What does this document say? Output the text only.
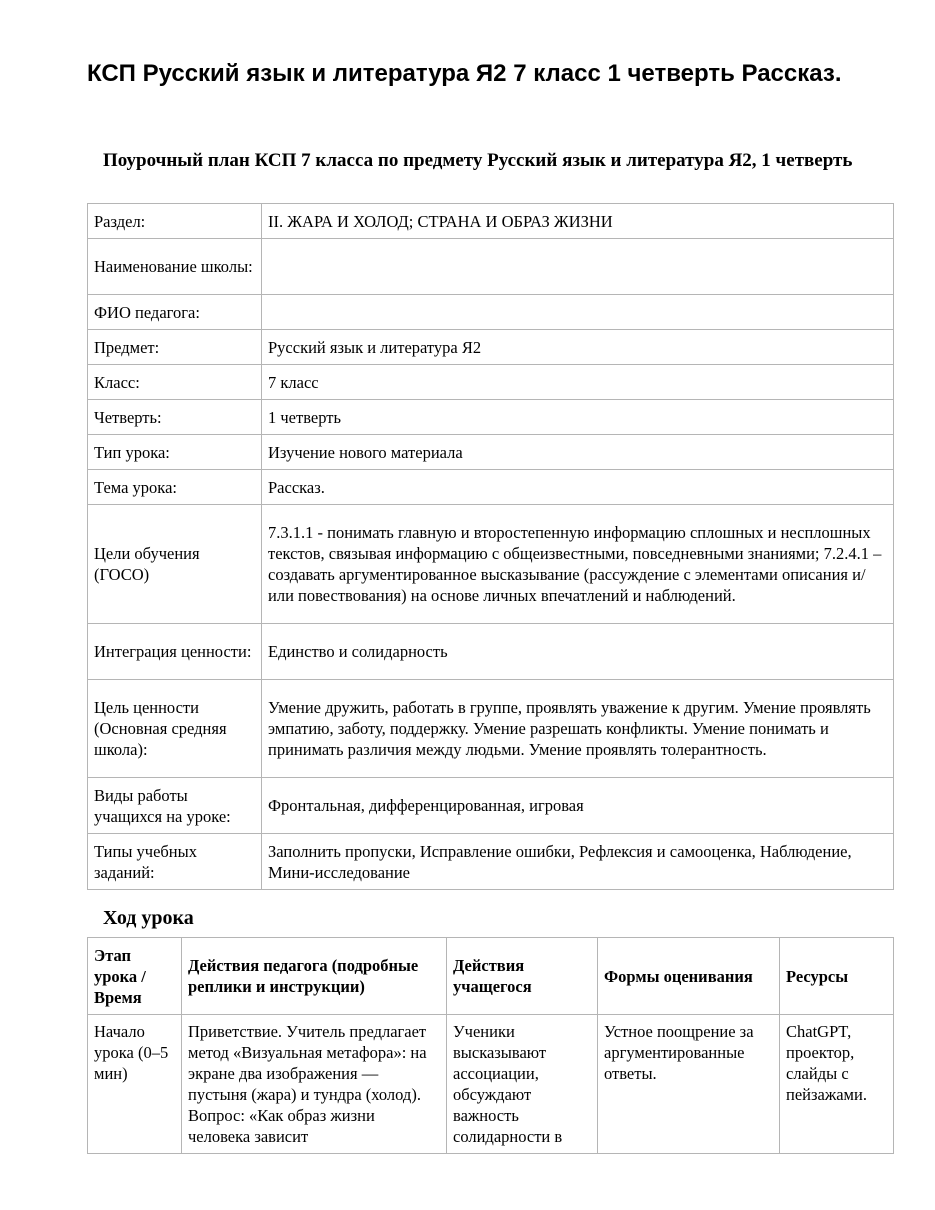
КСП Русский язык и литература Я2 7 класс 1 четверть Рассказ.
Поурочный план КСП 7 класса по предмету Русский язык и литература Я2, 1 четверть
Раздел:	II. ЖАРА И ХОЛОД; СТРАНА И ОБРАЗ ЖИЗНИ
Наименование школы:	
ФИО педагога:	
Предмет:	Русский язык и литература Я2
Класс:	7 класс
Четверть:	1 четверть
Тип урока:	Изучение нового материала
Тема урока:	Рассказ.
Цели обучения (ГОСО)	7.3.1.1 - понимать главную и второстепенную информацию сплошных и несплошных текстов, связывая информацию с общеизвестными, повседневными знаниями; 7.2.4.1 – создавать аргументированное высказывание (рассуждение с элементами описания и/или повествования) на основе личных впечатлений и наблюдений.
Интеграция ценности:	Единство и солидарность
Цель ценности (Основная средняя школа):	Умение дружить, работать в группе, проявлять уважение к другим. Умение проявлять эмпатию, заботу, поддержку. Умение разрешать конфликты. Умение понимать и принимать различия между людьми. Умение проявлять толерантность.
Виды работы учащихся на уроке:	Фронтальная, дифференцированная, игровая
Типы учебных заданий:	Заполнить пропуски, Исправление ошибки, Рефлексия и самооценка, Наблюдение, Мини-исследование
Ход урока
Этап урока / Время	Действия педагога (подробные реплики и инструкции)	Действия учащегося	Формы оценивания	Ресурсы

Начало урока (0–5 мин)	Приветствие. Учитель предлагает метод «Визуальная метафора»: на экране два изображения — пустыня (жара) и тундра (холод). Вопрос: «Как образ жизни человека зависит	Ученики высказывают ассоциации, обсуждают важность солидарности в	Устное поощрение за аргументированные ответы.	ChatGPT, проектор, слайды с пейзажами.
